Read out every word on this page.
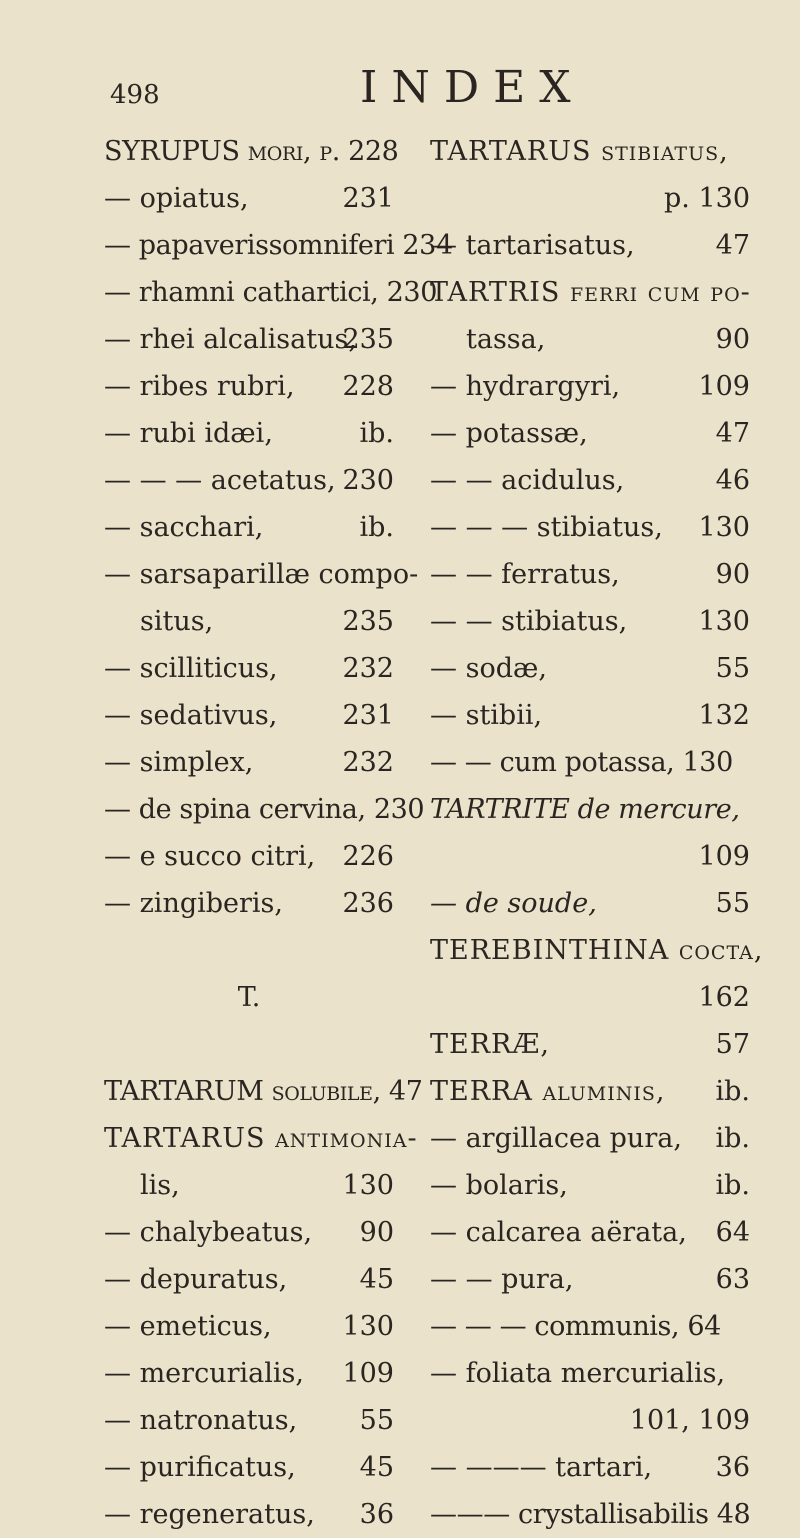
498	INDEX
SYRUPUS mori, p. 228
— opiatus,	231
— papaverissomniferi 234
— rhamni cathartici, 230
— rhei alcalisatus,
235
— ribes rubri, 228
— rubi idæi,	ib.
— — — acetatus, 230
— sacchari,	ib.
— sarsaparillæ compo-
situs,	235
— scilliticus, 232
— sedativus, 231
— simplex,	232
— de spina cervina, 230
— e succo citri, 226
— zingiberis, 236
T.
TARTARUM solubile, 47
TARTARUS antimonia-
lis,	130
— chalybeatus, 90
— depuratus,	45
— emeticus,	130
— mercurialis, 109
— natronatus, 55
— purificatus, 45
— regeneratus, 36
TARTARUS stibiatus,
p. 130
— tartarisatus,	47
TARTRIS ferri cum po-
tassa,	90
— hydrargyri,	109
— potassæ,	47
— — acidulus,	46
— — — stibiatus, 130
— — ferratus,	90
— — stibiatus,	130
— sodæ,	55
— stibii,	132
— — cum potassa, 130
TARTRITE de mercure,
109
— de soude,	55
TEREBINTHINA cocta,
162
TERRÆ,	57
TERRA aluminis, ib.
— argillacea pura, ib.
— bolaris,	ib.
— calcarea aërata, 64
— — pura,	63
— — — communis, 64
— foliata mercurialis,
101, 109
— ——— tartari, 36
——— crystallisabilis 48
